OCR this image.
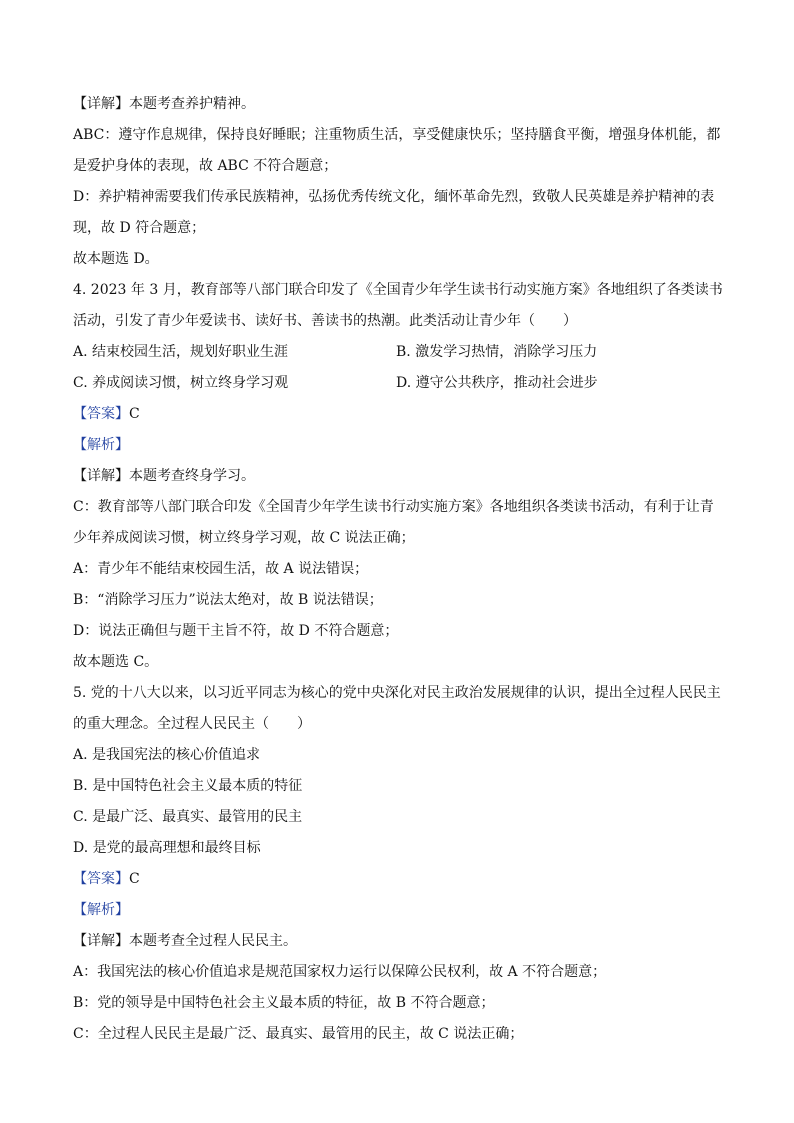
【详解】本题考查养护精神。
ABC：遵守作息规律，保持良好睡眠；注重物质生活，享受健康快乐；坚持膳食平衡，增强身体机能，都
是爱护身体的表现，故 ABC 不符合题意；
D：养护精神需要我们传承民族精神，弘扬优秀传统文化，缅怀革命先烈，致敬人民英雄是养护精神的表
现，故 D 符合题意；
故本题选 D。
4. 2023 年 3 月，教育部等八部门联合印发了《全国青少年学生读书行动实施方案》各地组织了各类读书
活动，引发了青少年爱读书、读好书、善读书的热潮。此类活动让青少年（　　）
A. 结束校园生活，规划好职业生涯	B. 激发学习热情，消除学习压力
C. 养成阅读习惯，树立终身学习观	D. 遵守公共秩序，推动社会进步
【答案】C
【解析】
【详解】本题考查终身学习。
C：教育部等八部门联合印发《全国青少年学生读书行动实施方案》各地组织各类读书活动，有利于让青
少年养成阅读习惯，树立终身学习观，故 C 说法正确；
A：青少年不能结束校园生活，故 A 说法错误；
B：“消除学习压力”说法太绝对，故 B 说法错误；
D：说法正确但与题干主旨不符，故 D 不符合题意；
故本题选 C。
5. 党的十八大以来，以习近平同志为核心的党中央深化对民主政治发展规律的认识，提出全过程人民民主
的重大理念。全过程人民民主（　　）
A. 是我国宪法的核心价值追求
B. 是中国特色社会主义最本质的特征
C. 是最广泛、最真实、最管用的民主
D. 是党的最高理想和最终目标
【答案】C
【解析】
【详解】本题考查全过程人民民主。
A：我国宪法的核心价值追求是规范国家权力运行以保障公民权利，故 A 不符合题意；
B：党的领导是中国特色社会主义最本质的特征，故 B 不符合题意；
C：全过程人民民主是最广泛、最真实、最管用的民主，故 C 说法正确；
